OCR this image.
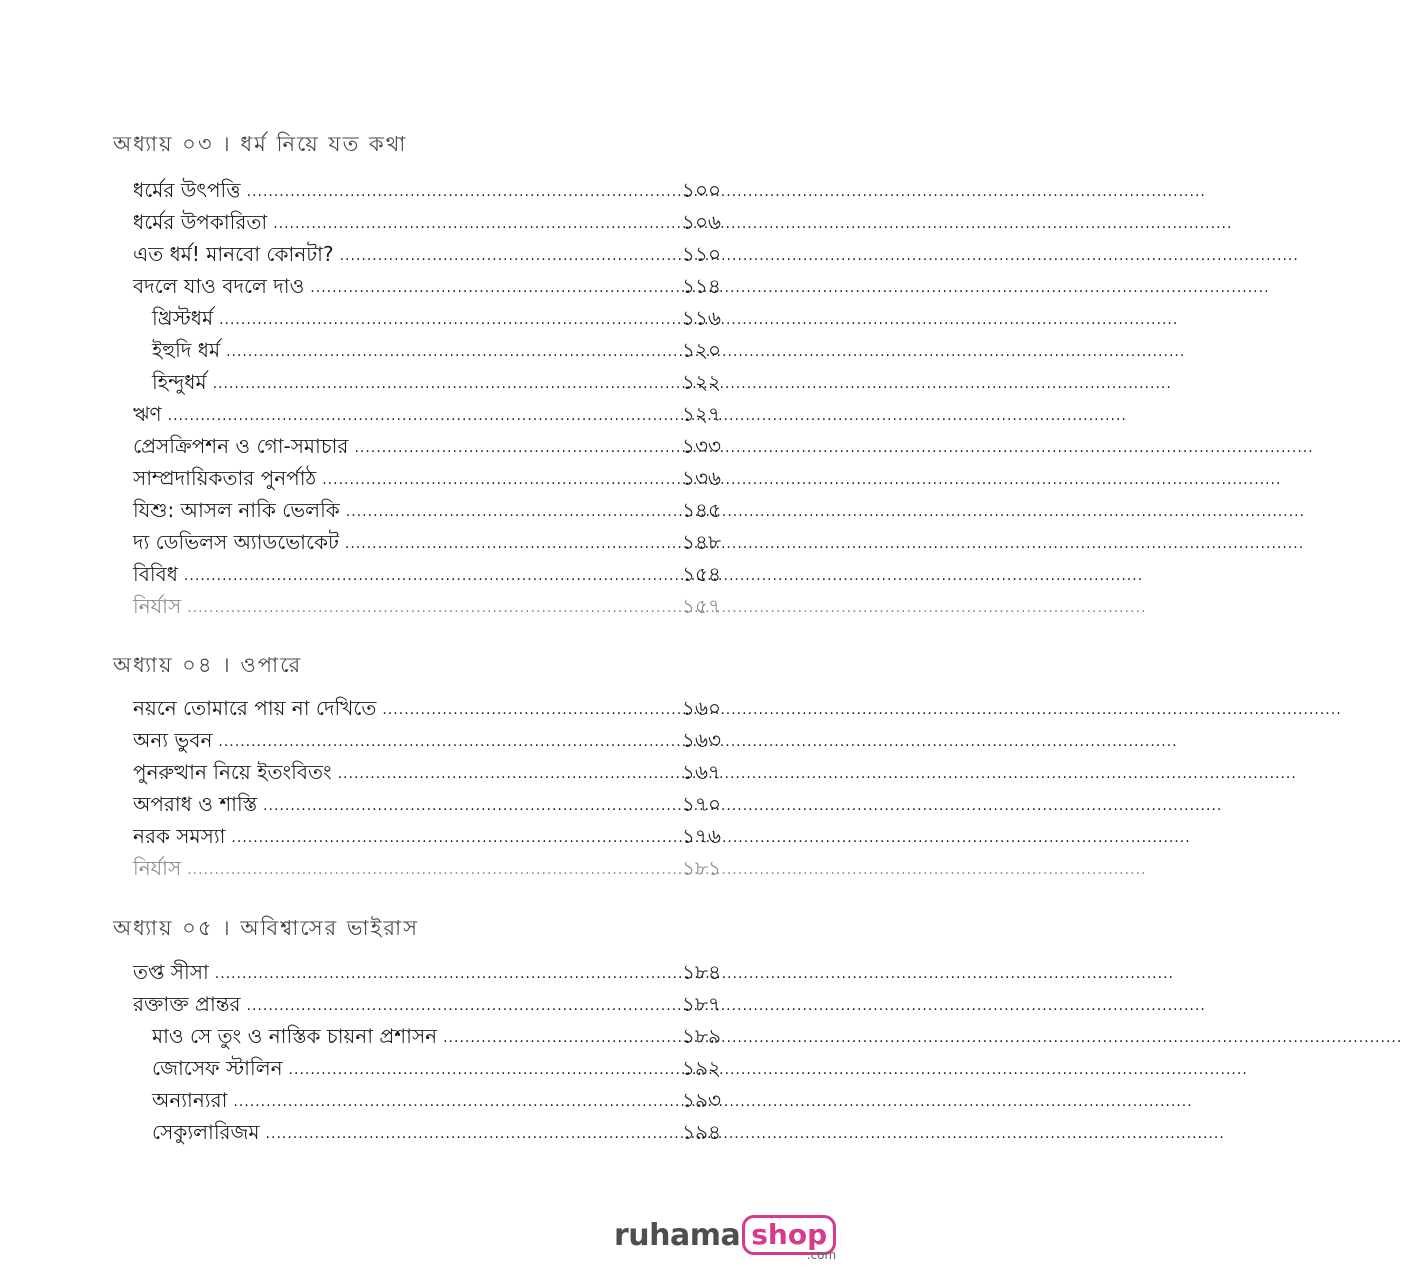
অধ্যায় ০৩ । ধর্ম নিয়ে যত কথা
ধর্মের উৎপত্তি .....	১০০
ধর্মের উপকারিতা .....	১০৬
এত ধর্ম! মানবো কোনটা? .....	১১০
বদলে যাও বদলে দাও .....	১১৪
খ্রিস্টধর্ম .....	১১৬
ইহুদি ধর্ম .....	১২০
হিন্দুধর্ম .....	১২২
ঋণ .....	১২৭
প্রেসক্রিপশন ও গো-সমাচার .....	১৩৩
সাম্প্রদায়িকতার পুনর্পাঠ .....	১৩৬
যিশু: আসল নাকি ভেলকি .....	১৪৫
দ্য ডেভিলস অ্যাডভোকেট .....	১৪৮
বিবিধ .....	১৫৪
নির্যাস .....	১৫৭
অধ্যায় ০৪ । ওপারে
নয়নে তোমারে পায় না দেখিতে .....	১৬০
অন্য ভুবন .....	১৬৩
পুনরুত্থান নিয়ে ইতংবিতং .....	১৬৭
অপরাধ ও শাস্তি .....	১৭০
নরক সমস্যা .....	১৭৬
নির্যাস .....	১৮১
অধ্যায় ০৫ । অবিশ্বাসের ভাইরাস
তপ্ত সীসা .....	১৮৪
রক্তাক্ত প্রান্তর .....	১৮৭
মাও সে তুং ও নাস্তিক চায়না প্রশাসন .....	১৮৯
জোসেফ স্টালিন .....	১৯২
অন্যান্যরা .....	১৯৩
সেক্যুলারিজম .....	১৯৪
ruhama shop
.com
